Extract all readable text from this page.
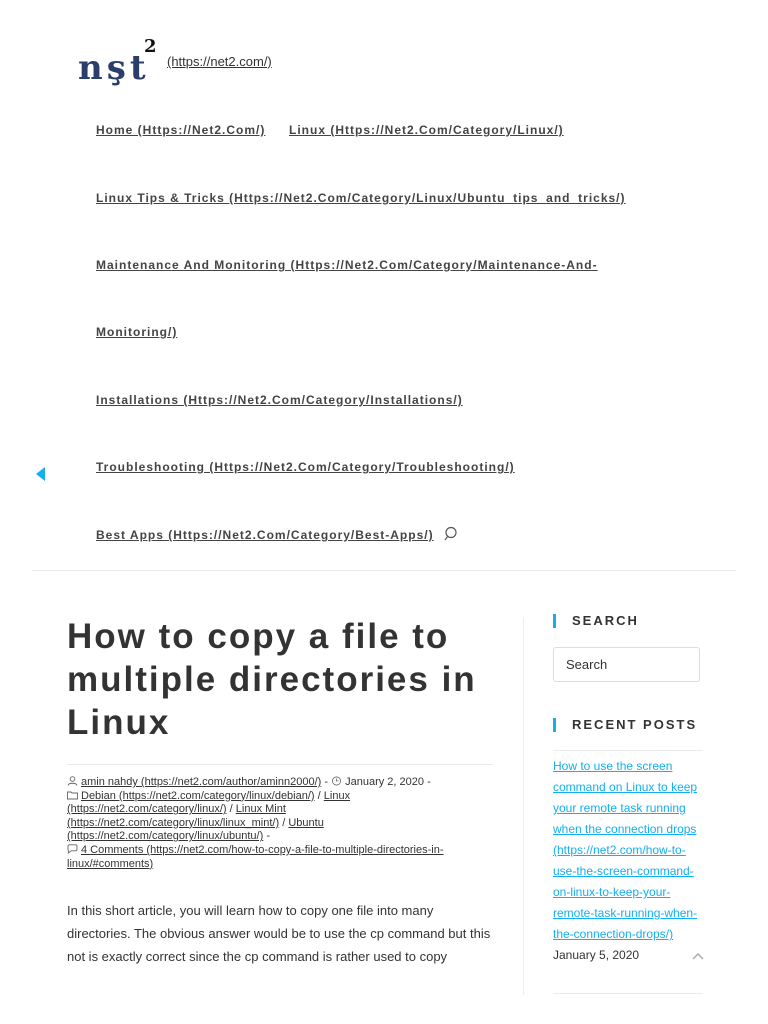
nşt
2
(https://net2.com/)
Home (Https://Net2.Com/) Linux (Https://Net2.Com/Category/Linux/)
Linux Tips & Tricks (Https://Net2.Com/Category/Linux/Ubuntu_tips_and_tricks/)
Maintenance And Monitoring (Https://Net2.Com/Category/Maintenance-And-
Monitoring/)
Installations (Https://Net2.Com/Category/Installations/)
Troubleshooting (Https://Net2.Com/Category/Troubleshooting/)
Best Apps (Https://Net2.Com/Category/Best-Apps/)
How to copy a file to multiple directories in Linux
amin nahdy (https://net2.com/author/aminn2000/) - January 2, 2020 -
Debian (https://net2.com/category/linux/debian/) / Linux (https://net2.com/category/linux/) / Linux Mint (https://net2.com/category/linux/linux_mint/) / Ubuntu (https://net2.com/category/linux/ubuntu/) -
4 Comments (https://net2.com/how-to-copy-a-file-to-multiple-directories-in-linux/#comments)

In this short article, you will learn how to copy one file into many directories. The obvious answer would be to use the cp command but this not is exactly correct since the cp command is rather used to copy

SEARCH
Search
RECENT POSTS
How to use the screen command on Linux to keep your remote task running when the connection drops (https://net2.com/how-to-use-the-screen-command-on-linux-to-keep-your-remote-task-running-when-the-connection-drops/) January 5, 2020
